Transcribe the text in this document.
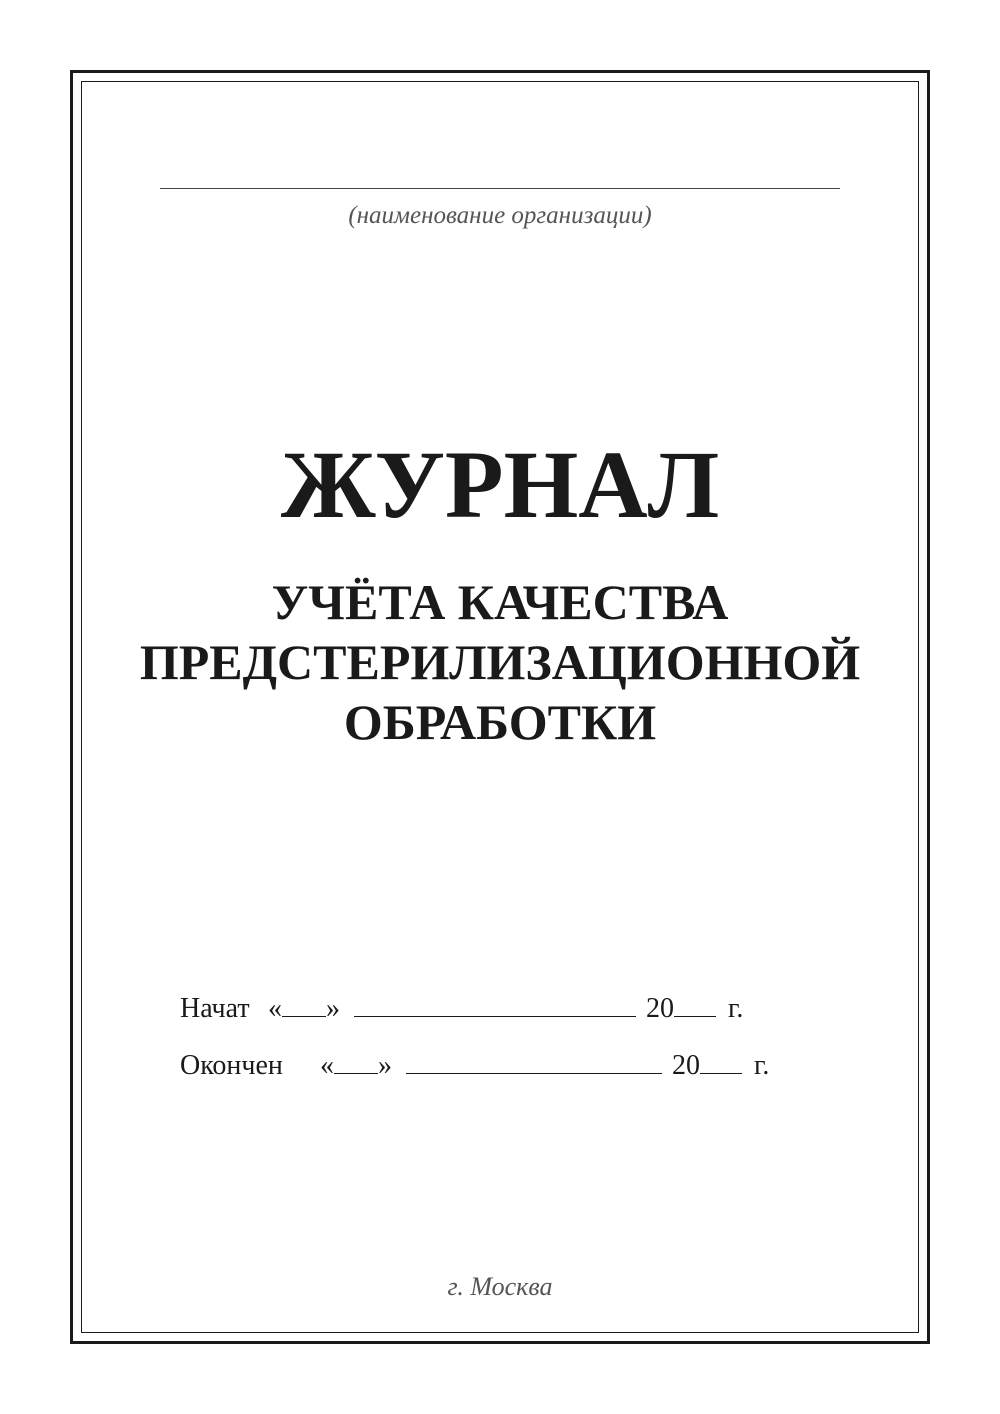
(наименование организации)
ЖУРНАЛ
УЧЁТА КАЧЕСТВА
ПРЕДСТЕРИЛИЗАЦИОННОЙ
ОБРАБОТКИ
Начат « »	20 г.
Окончен « »	20 г.
г. Москва
